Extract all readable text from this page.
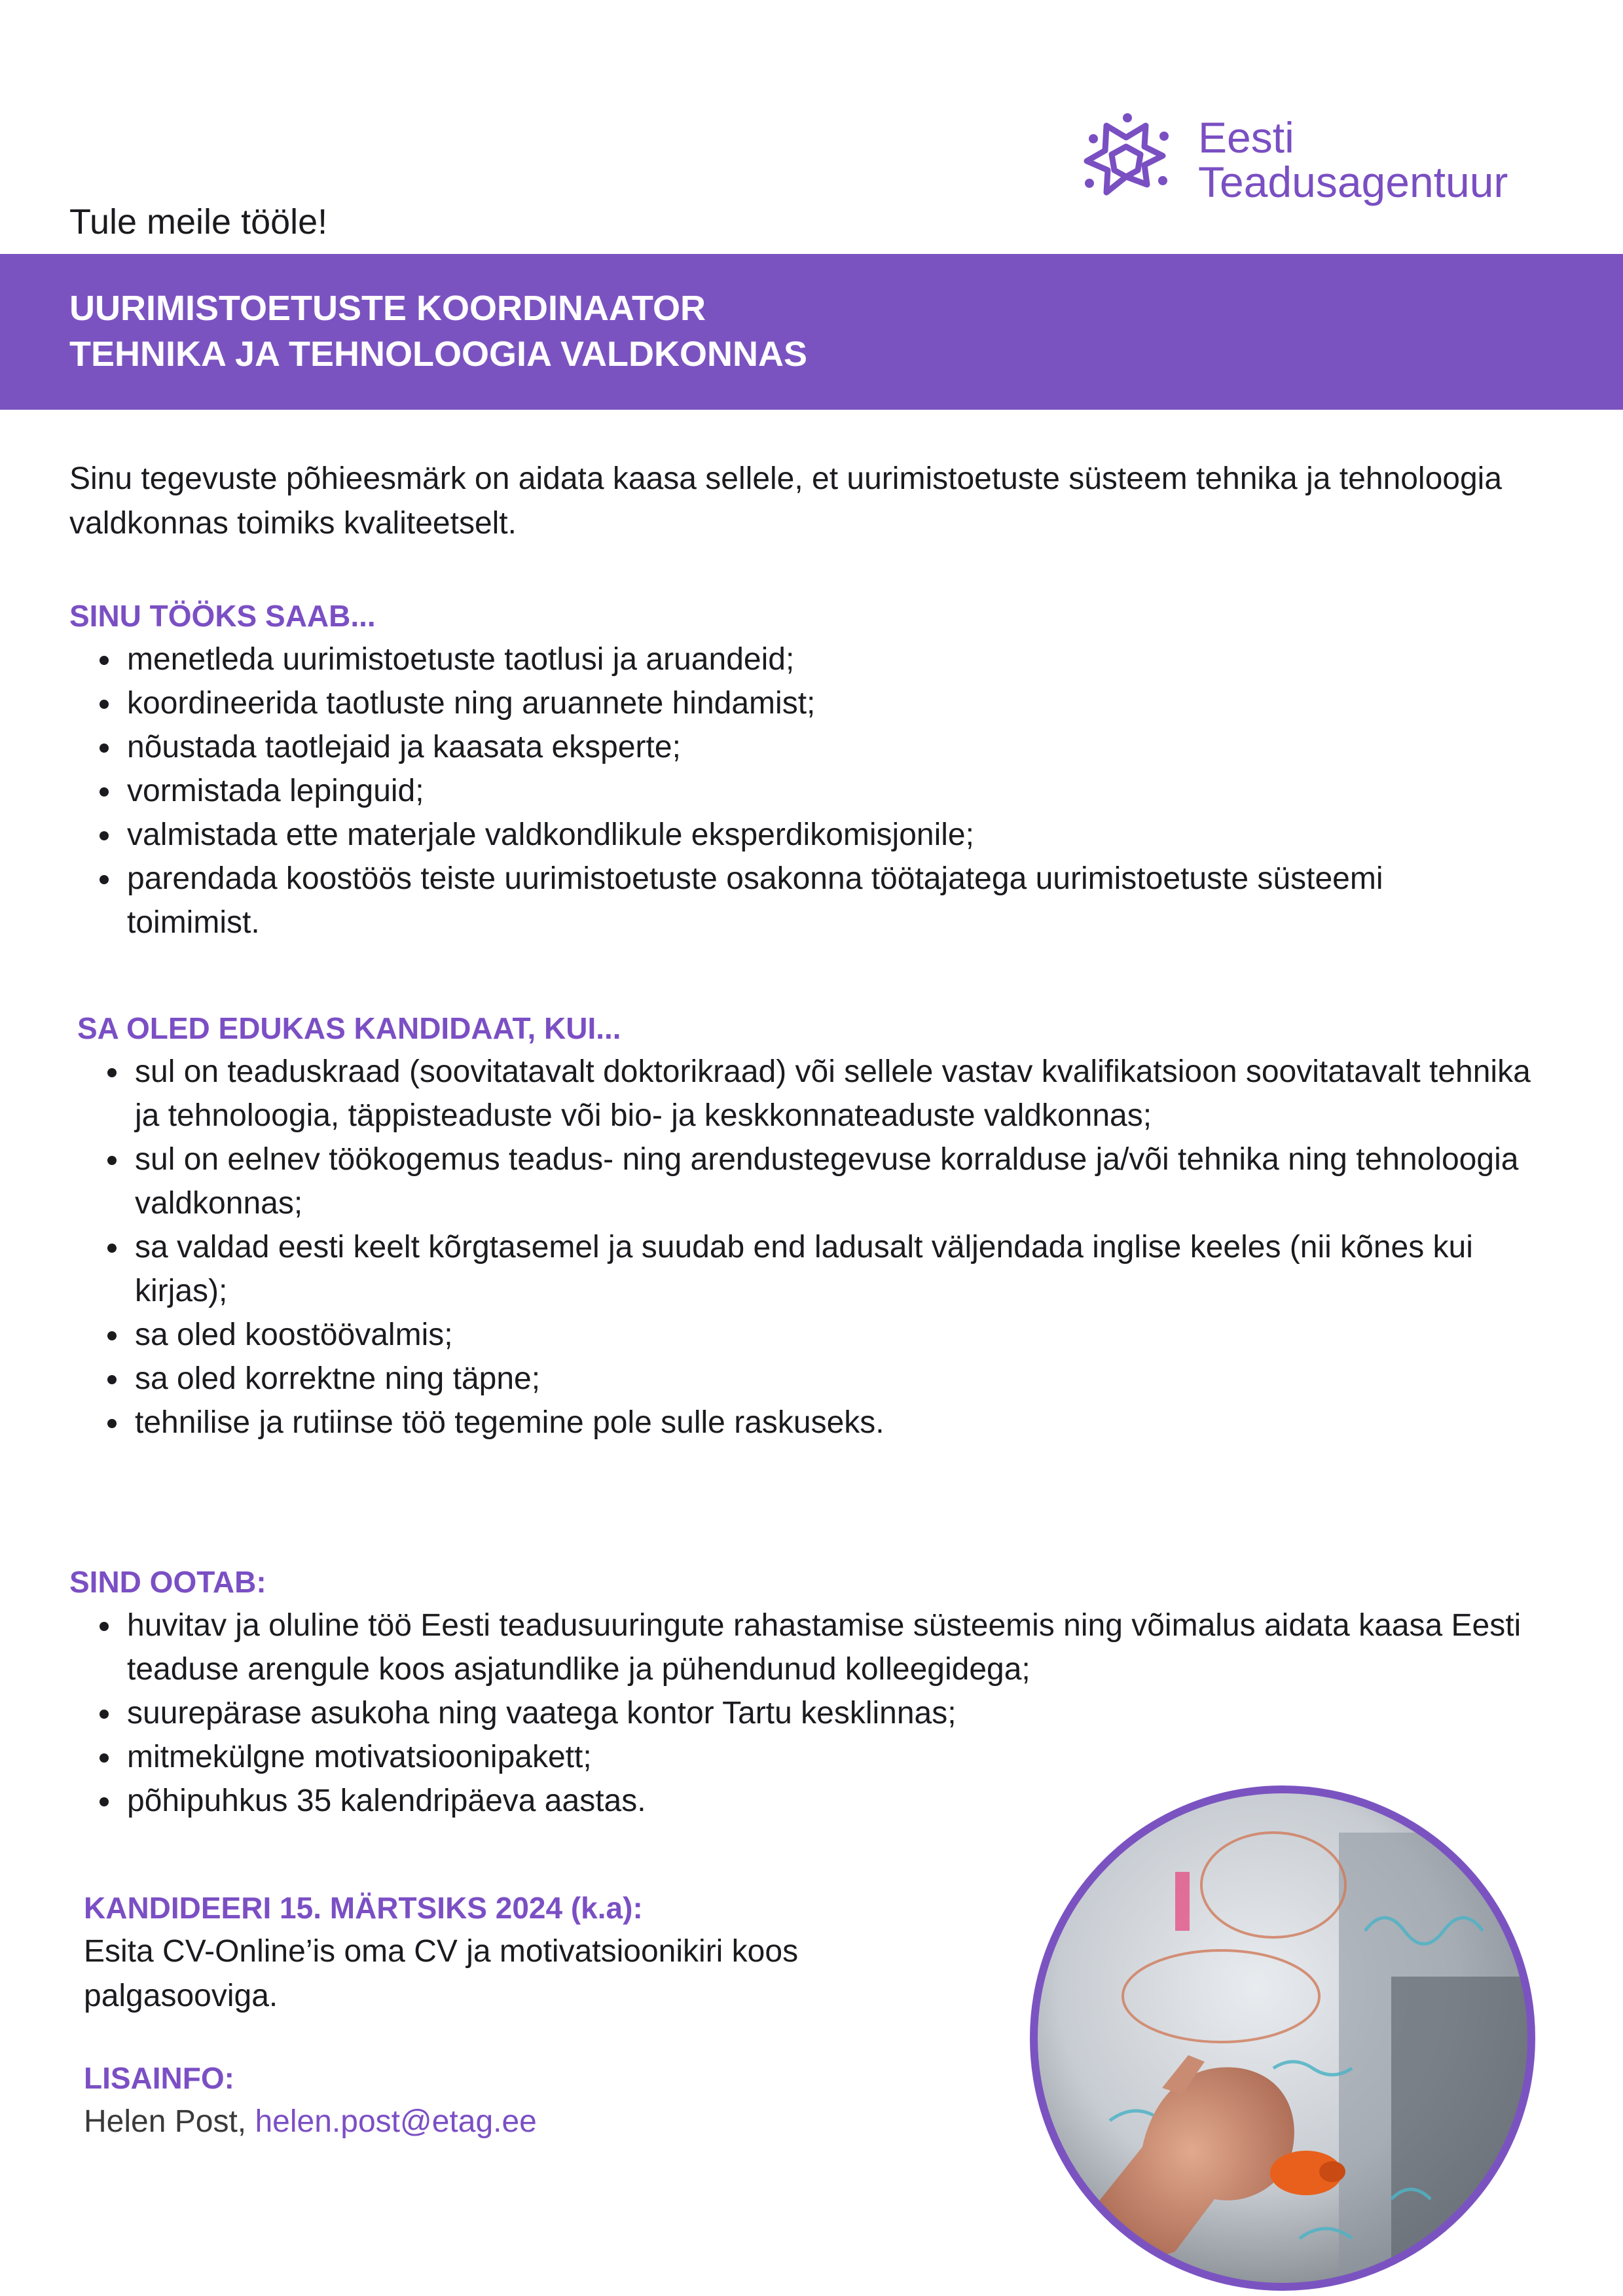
Eesti
Teadusagentuur
Tule meile tööle!
UURIMISTOETUSTE KOORDINAATOR
TEHNIKA JA TEHNOLOOGIA VALDKONNAS
Sinu tegevuste põhieesmärk on aidata kaasa sellele, et uurimistoetuste süsteem tehnika ja tehnoloogia valdkonnas toimiks kvaliteetselt.
SINU TÖÖKS SAAB...
menetleda uurimistoetuste taotlusi ja aruandeid;
koordineerida taotluste ning aruannete hindamist;
nõustada taotlejaid ja kaasata eksperte;
vormistada lepinguid;
valmistada ette materjale valdkondlikule eksperdikomisjonile;
parendada koostöös teiste uurimistoetuste osakonna töötajatega uurimistoetuste süsteemi toimimist.
SA OLED EDUKAS KANDIDAAT, KUI...
sul on teaduskraad (soovitatavalt doktorikraad) või sellele vastav kvalifikatsioon soovitatavalt tehnika ja tehnoloogia, täppisteaduste või bio- ja keskkonnateaduste valdkonnas;
sul on eelnev töökogemus teadus- ning arendustegevuse korralduse ja/või tehnika ning tehnoloogia valdkonnas;
sa valdad eesti keelt kõrgtasemel ja suudab end ladusalt väljendada inglise keeles (nii kõnes kui kirjas);
sa oled koostöövalmis;
sa oled korrektne ning täpne;
tehnilise ja rutiinse töö tegemine pole sulle raskuseks.
SIND OOTAB:
huvitav ja oluline töö Eesti teadusuuringute rahastamise süsteemis ning võimalus aidata kaasa Eesti teaduse arengule koos asjatundlike ja pühendunud kolleegidega;
suurepärase asukoha ning vaatega kontor Tartu kesklinnas;
mitmekülgne motivatsioonipakett;
põhipuhkus 35 kalendripäeva aastas.
KANDIDEERI 15. MÄRTSIKS 2024 (k.a):
Esita CV-Online’is oma CV ja motivatsioonikiri koos palgasooviga.
LISAINFO:
Helen Post, helen.post@etag.ee
